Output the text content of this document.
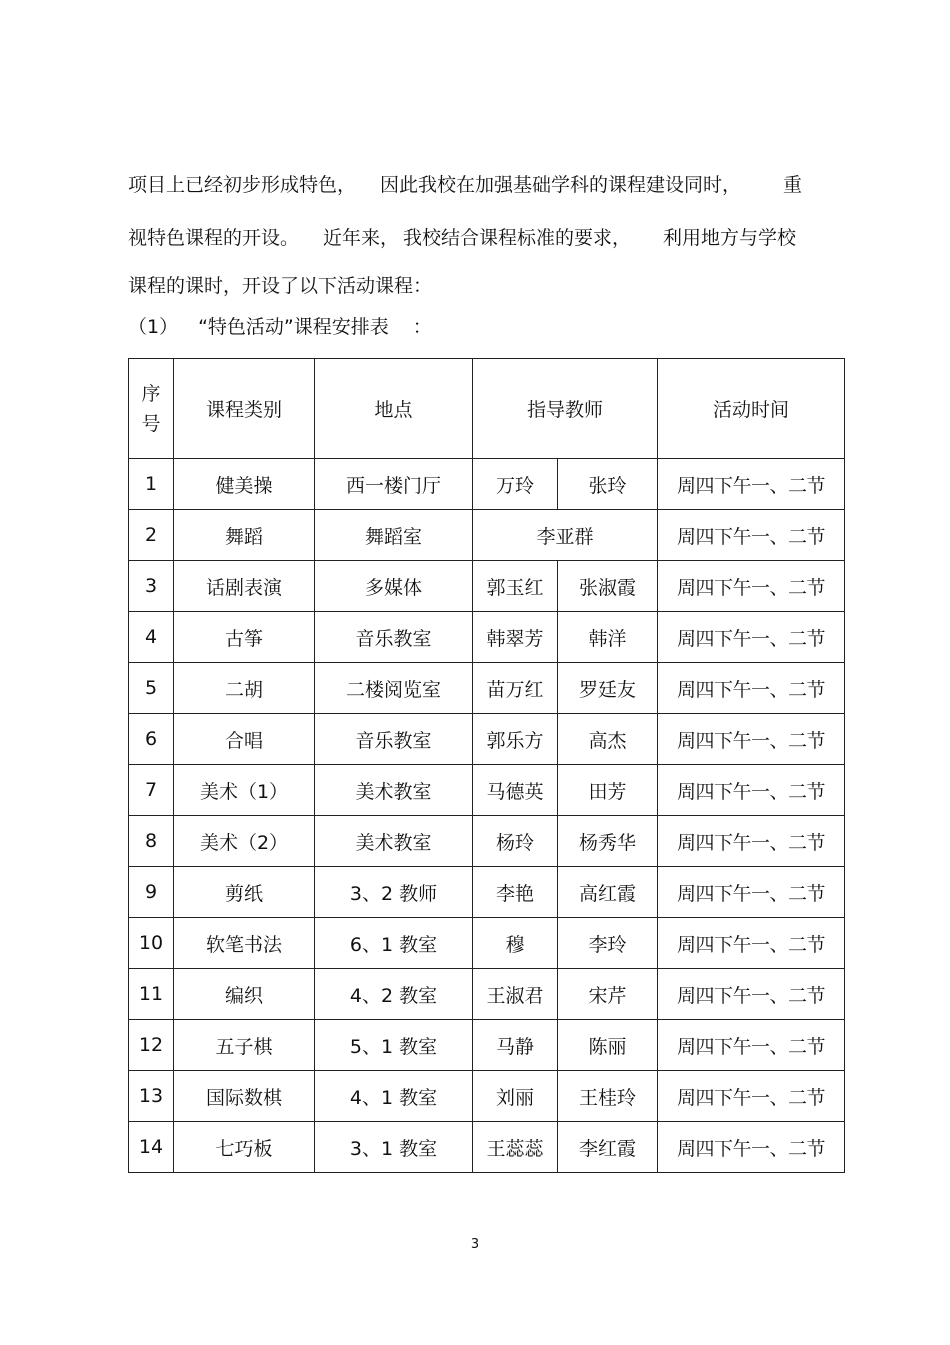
项目上已经初步形成特色， 因此我校在加强基础学科的课程建设同时， 重
视特色课程的开设。 近年来， 我校结合课程标准的要求， 利用地方与学校
课程的课时，开设了以下活动课程：
（1） “特色活动”课程安排表 ：
序
号	课程类别	地点	指导教师		活动时间
1	健美操	西一楼门厅	万玲	张玲	周四下午一、二节
2	舞蹈	舞蹈室	李亚群		周四下午一、二节
3	话剧表演	多媒体	郭玉红	张淑霞	周四下午一、二节
4	古筝	音乐教室	韩翠芳	韩洋	周四下午一、二节
5	二胡	二楼阅览室	苗万红	罗廷友	周四下午一、二节
6	合唱	音乐教室	郭乐方	高杰	周四下午一、二节
7	美术（1）	美术教室	马德英	田芳	周四下午一、二节
8	美术（2）	美术教室	杨玲	杨秀华	周四下午一、二节
9	剪纸	3、2 教师	李艳	高红霞	周四下午一、二节
10	软笔书法	6、1 教室	穆	李玲	周四下午一、二节
11	编织	4、2 教室	王淑君	宋芹	周四下午一、二节
12	五子棋	5、1 教室	马静	陈丽	周四下午一、二节
13	国际数棋	4、1 教室	刘丽	王桂玲	周四下午一、二节
14	七巧板	3、1 教室	王蕊蕊	李红霞	周四下午一、二节
3
